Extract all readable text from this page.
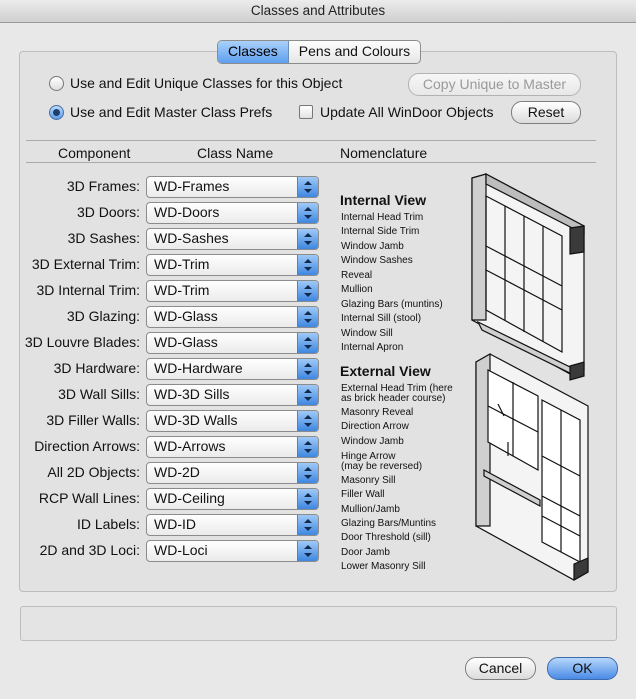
Classes and Attributes
Classes	Pens and Colours
Use and Edit Unique Classes for this Object
Use and Edit Master Class Prefs
Copy Unique to Master
Update All WinDoor Objects	Reset
Component	Class Name	Nomenclature
3D Frames: WD-Frames
3D Doors: WD-Doors
3D Sashes: WD-Sashes
3D External Trim: WD-Trim
3D Internal Trim: WD-Trim
3D Glazing: WD-Glass
3D Louvre Blades: WD-Glass
3D Hardware: WD-Hardware
3D Wall Sills: WD-3D Sills
3D Filler Walls: WD-3D Walls
Direction Arrows: WD-Arrows
All 2D Objects: WD-2D
RCP Wall Lines: WD-Ceiling
ID Labels: WD-ID
2D and 3D Loci: WD-Loci
Internal View
Internal Head Trim
Internal Side Trim
Window Jamb
Window Sashes
Reveal
Mullion
Glazing Bars (muntins)
Internal Sill (stool)
Window Sill
Internal Apron
External View
External Head Trim (here
as brick header course)
Masonry Reveal
Direction Arrow
Window Jamb
Hinge Arrow
(may be reversed)
Masonry Sill
Filler Wall
Mullion/Jamb
Glazing Bars/Muntins
Door Threshold (sill)
Door Jamb
Lower Masonry Sill
Cancel	OK
